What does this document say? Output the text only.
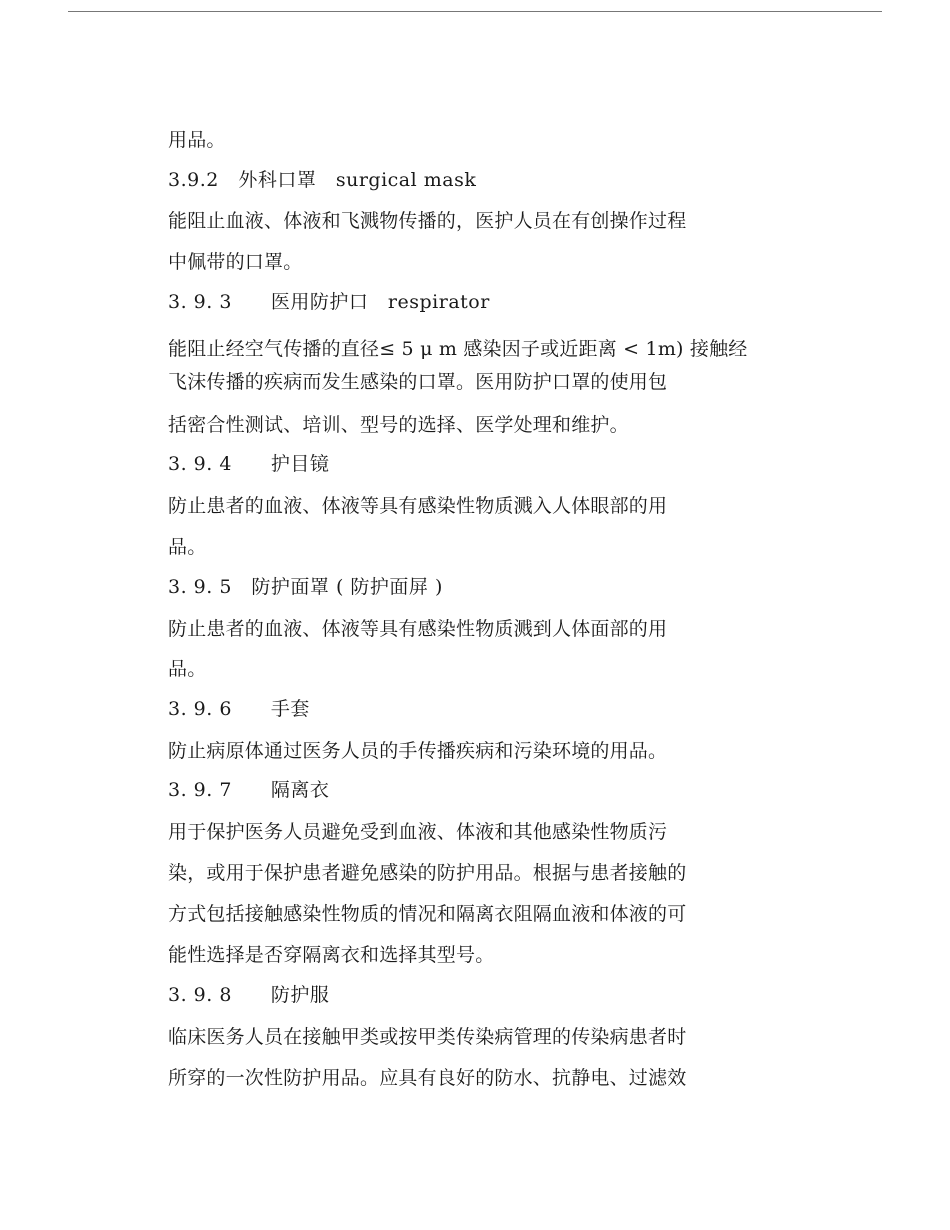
用品。
3.9.2　外科口罩　surgical mask
能阻止血液、体液和飞溅物传播的，医护人员在有创操作过程
中佩带的口罩。
3. 9. 3　　医用防护口　respirator
能阻止经空气传播的直径≤ 5 μ m 感染因子或近距离 < 1m) 接触经
飞沫传播的疾病而发生感染的口罩。医用防护口罩的使用包
括密合性测试、培训、型号的选择、医学处理和维护。
3. 9. 4　　护目镜
防止患者的血液、体液等具有感染性物质溅入人体眼部的用
品。
3. 9. 5　防护面罩 ( 防护面屏 )
防止患者的血液、体液等具有感染性物质溅到人体面部的用
品。
3. 9. 6　　手套
防止病原体通过医务人员的手传播疾病和污染环境的用品。
3. 9. 7　　隔离衣
用于保护医务人员避免受到血液、体液和其他感染性物质污
染，或用于保护患者避免感染的防护用品。根据与患者接触的
方式包括接触感染性物质的情况和隔离衣阻隔血液和体液的可
能性选择是否穿隔离衣和选择其型号。
3. 9. 8　　防护服
临床医务人员在接触甲类或按甲类传染病管理的传染病患者时
所穿的一次性防护用品。应具有良好的防水、抗静电、过滤效
